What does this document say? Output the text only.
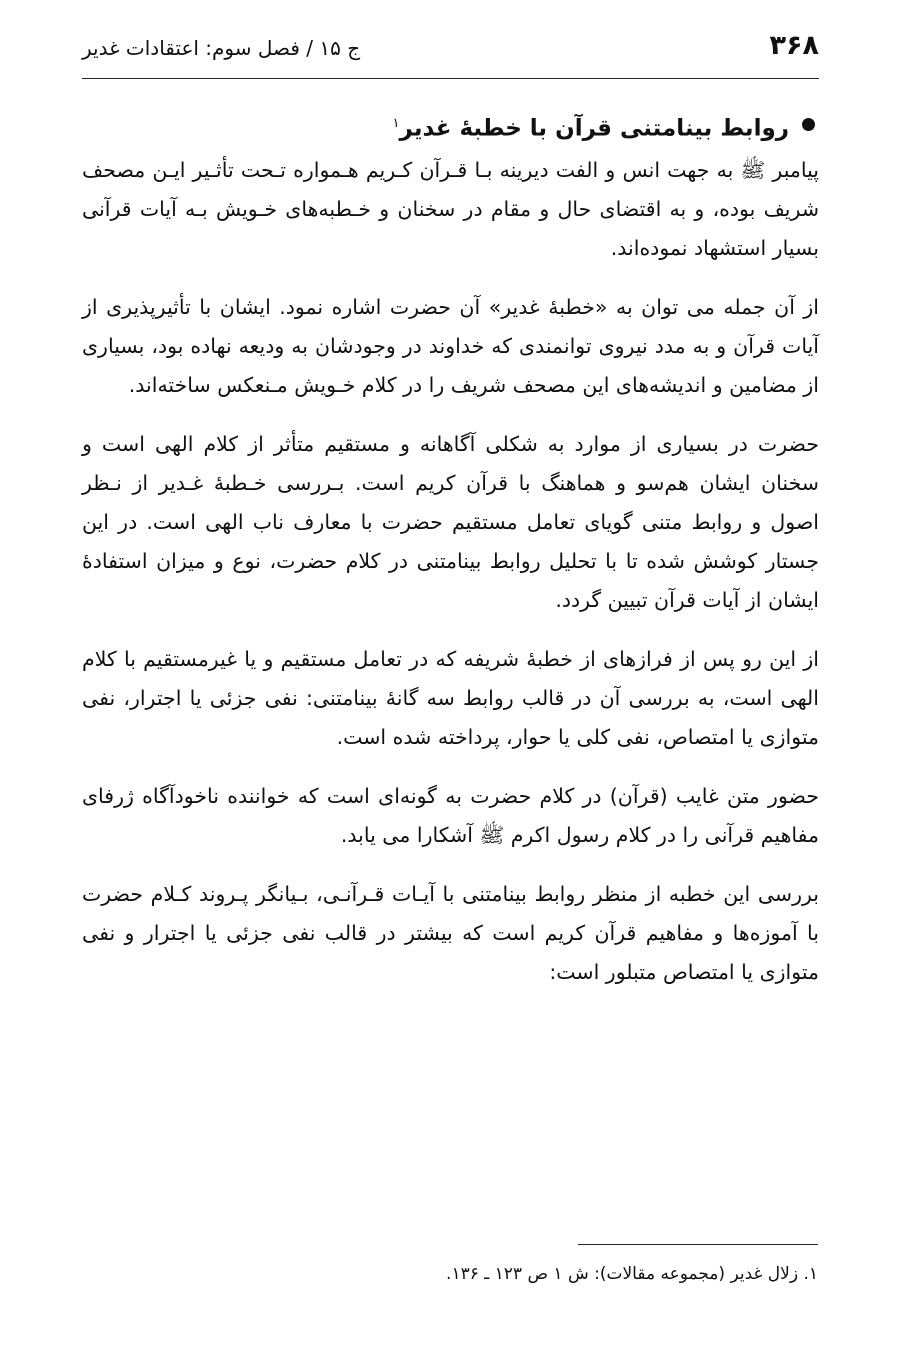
۳۶۸
ج ۱۵ / فصل سوم: اعتقادات غدیر
روابط بینامتنی قرآن با خطبۀ غدیر$^۱$

پیامبر ﷺ به جهت انس و الفت دیرینه بـا قـرآن کـریم هـمواره تـحت تأثـیر ایـن مصحف شریف بوده، و به اقتضای حال و مقام در سخنان و خـطبه‌های خـویش بـه آیات قرآنی بسیار استشهاد نموده‌اند.

از آن جمله می توان به «خطبۀ غدیر» آن حضرت اشاره نمود. ایشان با تأثیرپذیری از آیات قرآن و به مدد نیروی توانمندی که خداوند در وجودشان به ودیعه نهاده بود، بسیاری از مضامین و اندیشه‌های این مصحف شریف را در کلام خـویش مـنعکس ساخته‌اند.

حضرت در بسیاری از موارد به شکلی آگاهانه و مستقیم متأثر از کلام الهی است و سخنان ایشان هم‌سو و هماهنگ با قرآن کریم است. بـررسی خـطبۀ غـدیر از نـظر اصول و روابط متنی گویای تعامل مستقیم حضرت با معارف ناب الهی است. در این جستار کوشش شده تا با تحلیل روابط بینامتنی در کلام حضرت، نوع و میزان استفادۀ ایشان از آیات قرآن تبیین گردد.

از این رو پس از فرازهای از خطبۀ شریفه که در تعامل مستقیم و یا غیرمستقیم با کلام الهی است، به بررسی آن در قالب روابط سه گانۀ بینامتنی: نفی جزئی یا اجترار، نفی متوازی یا امتصاص، نفی کلی یا حوار، پرداخته شده است.

حضور متن غایب (قرآن) در کلام حضرت به گونه‌ای است که خواننده ناخودآگاه ژرفای مفاهیم قرآنی را در کلام رسول اکرم ﷺ آشکارا می یابد.

بررسی این خطبه از منظر روابط بینامتنی با آیـات قـرآنـی، بـیانگر پـروند کـلام حضرت با آموزه‌ها و مفاهیم قرآن کریم است که بیشتر در قالب نفی جزئی یا اجترار و نفی متوازی یا امتصاص متبلور است:

۱. زلال غدیر (مجموعه مقالات): ش ۱ ص ۱۲۳ ـ ۱۳۶.
